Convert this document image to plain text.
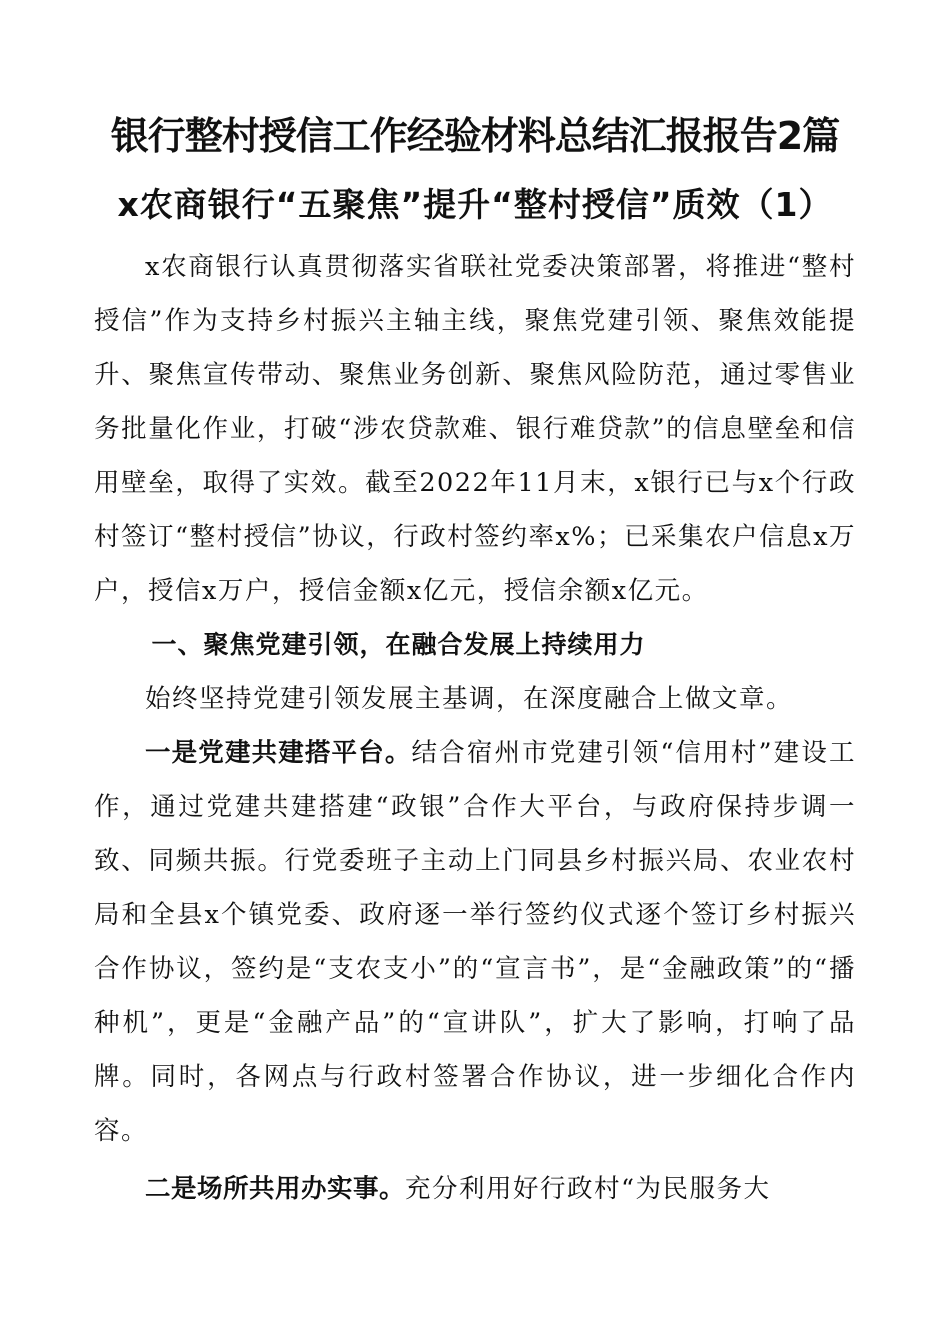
银行整村授信工作经验材料总结汇报报告2篇
x农商银行“五聚焦”提升“整村授信”质效（1）

x农商银行认真贯彻落实省联社党委决策部署，将推进“整村授信”作为支持乡村振兴主轴主线，聚焦党建引领、聚焦效能提升、聚焦宣传带动、聚焦业务创新、聚焦风险防范，通过零售业务批量化作业，打破“涉农贷款难、银行难贷款”的信息壁垒和信用壁垒，取得了实效。截至2022年11月末，x银行已与x个行政村签订“整村授信”协议，行政村签约率x%；已采集农户信息x万户，授信x万户，授信金额x亿元，授信余额x亿元。

一、聚焦党建引领，在融合发展上持续用力

始终坚持党建引领发展主基调，在深度融合上做文章。

一是党建共建搭平台。结合宿州市党建引领“信用村”建设工作，通过党建共建搭建“政银”合作大平台，与政府保持步调一致、同频共振。行党委班子主动上门同县乡村振兴局、农业农村局和全县x个镇党委、政府逐一举行签约仪式逐个签订乡村振兴合作协议，签约是“支农支小”的“宣言书”，是“金融政策”的“播种机”，更是“金融产品”的“宣讲队”，扩大了影响，打响了品牌。同时，各网点与行政村签署合作协议，进一步细化合作内容。

二是场所共用办实事。充分利用好行政村“为民服务大
